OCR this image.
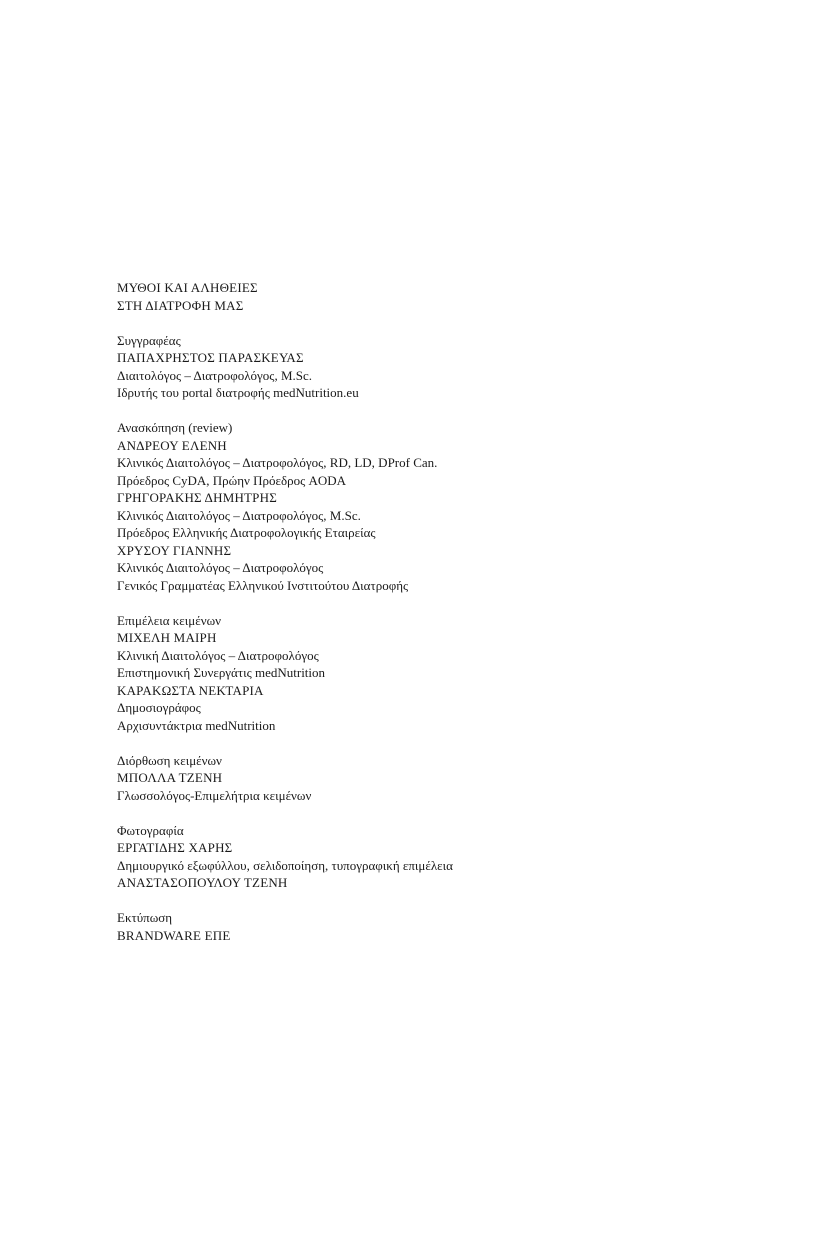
ΜΥΘΟΙ ΚΑΙ ΑΛΗΘΕΙΕΣ

ΣΤΗ ΔΙΑΤΡΟΦΗ ΜΑΣ

Συγγραφέας

ΠΑΠΑΧΡΗΣΤΟΣ ΠΑΡΑΣΚΕΥΑΣ

Διαιτολόγος – Διατροφολόγος, M.Sc.

Ιδρυτής του portal διατροφής medNutrition.eu

Ανασκόπηση (review)

ΑΝΔΡΕΟΥ ΕΛΕΝΗ

Κλινικός Διαιτολόγος – Διατροφολόγος, RD, LD, DProf Can.

Πρόεδρος CyDA, Πρώην Πρόεδρος AODA

ΓΡΗΓΟΡΑΚΗΣ ΔΗΜΗΤΡΗΣ

Κλινικός Διαιτολόγος – Διατροφολόγος, M.Sc.

Πρόεδρος Ελληνικής Διατροφολογικής Εταιρείας

ΧΡΥΣΟΥ ΓΙΑΝΝΗΣ

Κλινικός Διαιτολόγος – Διατροφολόγος

Γενικός Γραμματέας Ελληνικού Ινστιτούτου Διατροφής

Επιμέλεια κειμένων

ΜΙΧΕΛΗ ΜΑΙΡΗ

Κλινική Διαιτολόγος – Διατροφολόγος

Επιστημονική Συνεργάτις medNutrition

ΚΑΡΑΚΩΣΤΑ ΝΕΚΤΑΡΙΑ

Δημοσιογράφος

Αρχισυντάκτρια medNutrition

Διόρθωση κειμένων

ΜΠΟΛΛΑ ΤΖΕΝΗ

Γλωσσολόγος-Επιμελήτρια κειμένων

Φωτογραφία

ΕΡΓΑΤΙΔΗΣ ΧΑΡΗΣ

Δημιουργικό εξωφύλλου, σελιδοποίηση, τυπογραφική επιμέλεια

ΑΝΑΣΤΑΣΟΠΟΥΛΟΥ ΤΖΕΝΗ

Εκτύπωση

BRANDWARE ΕΠΕ
